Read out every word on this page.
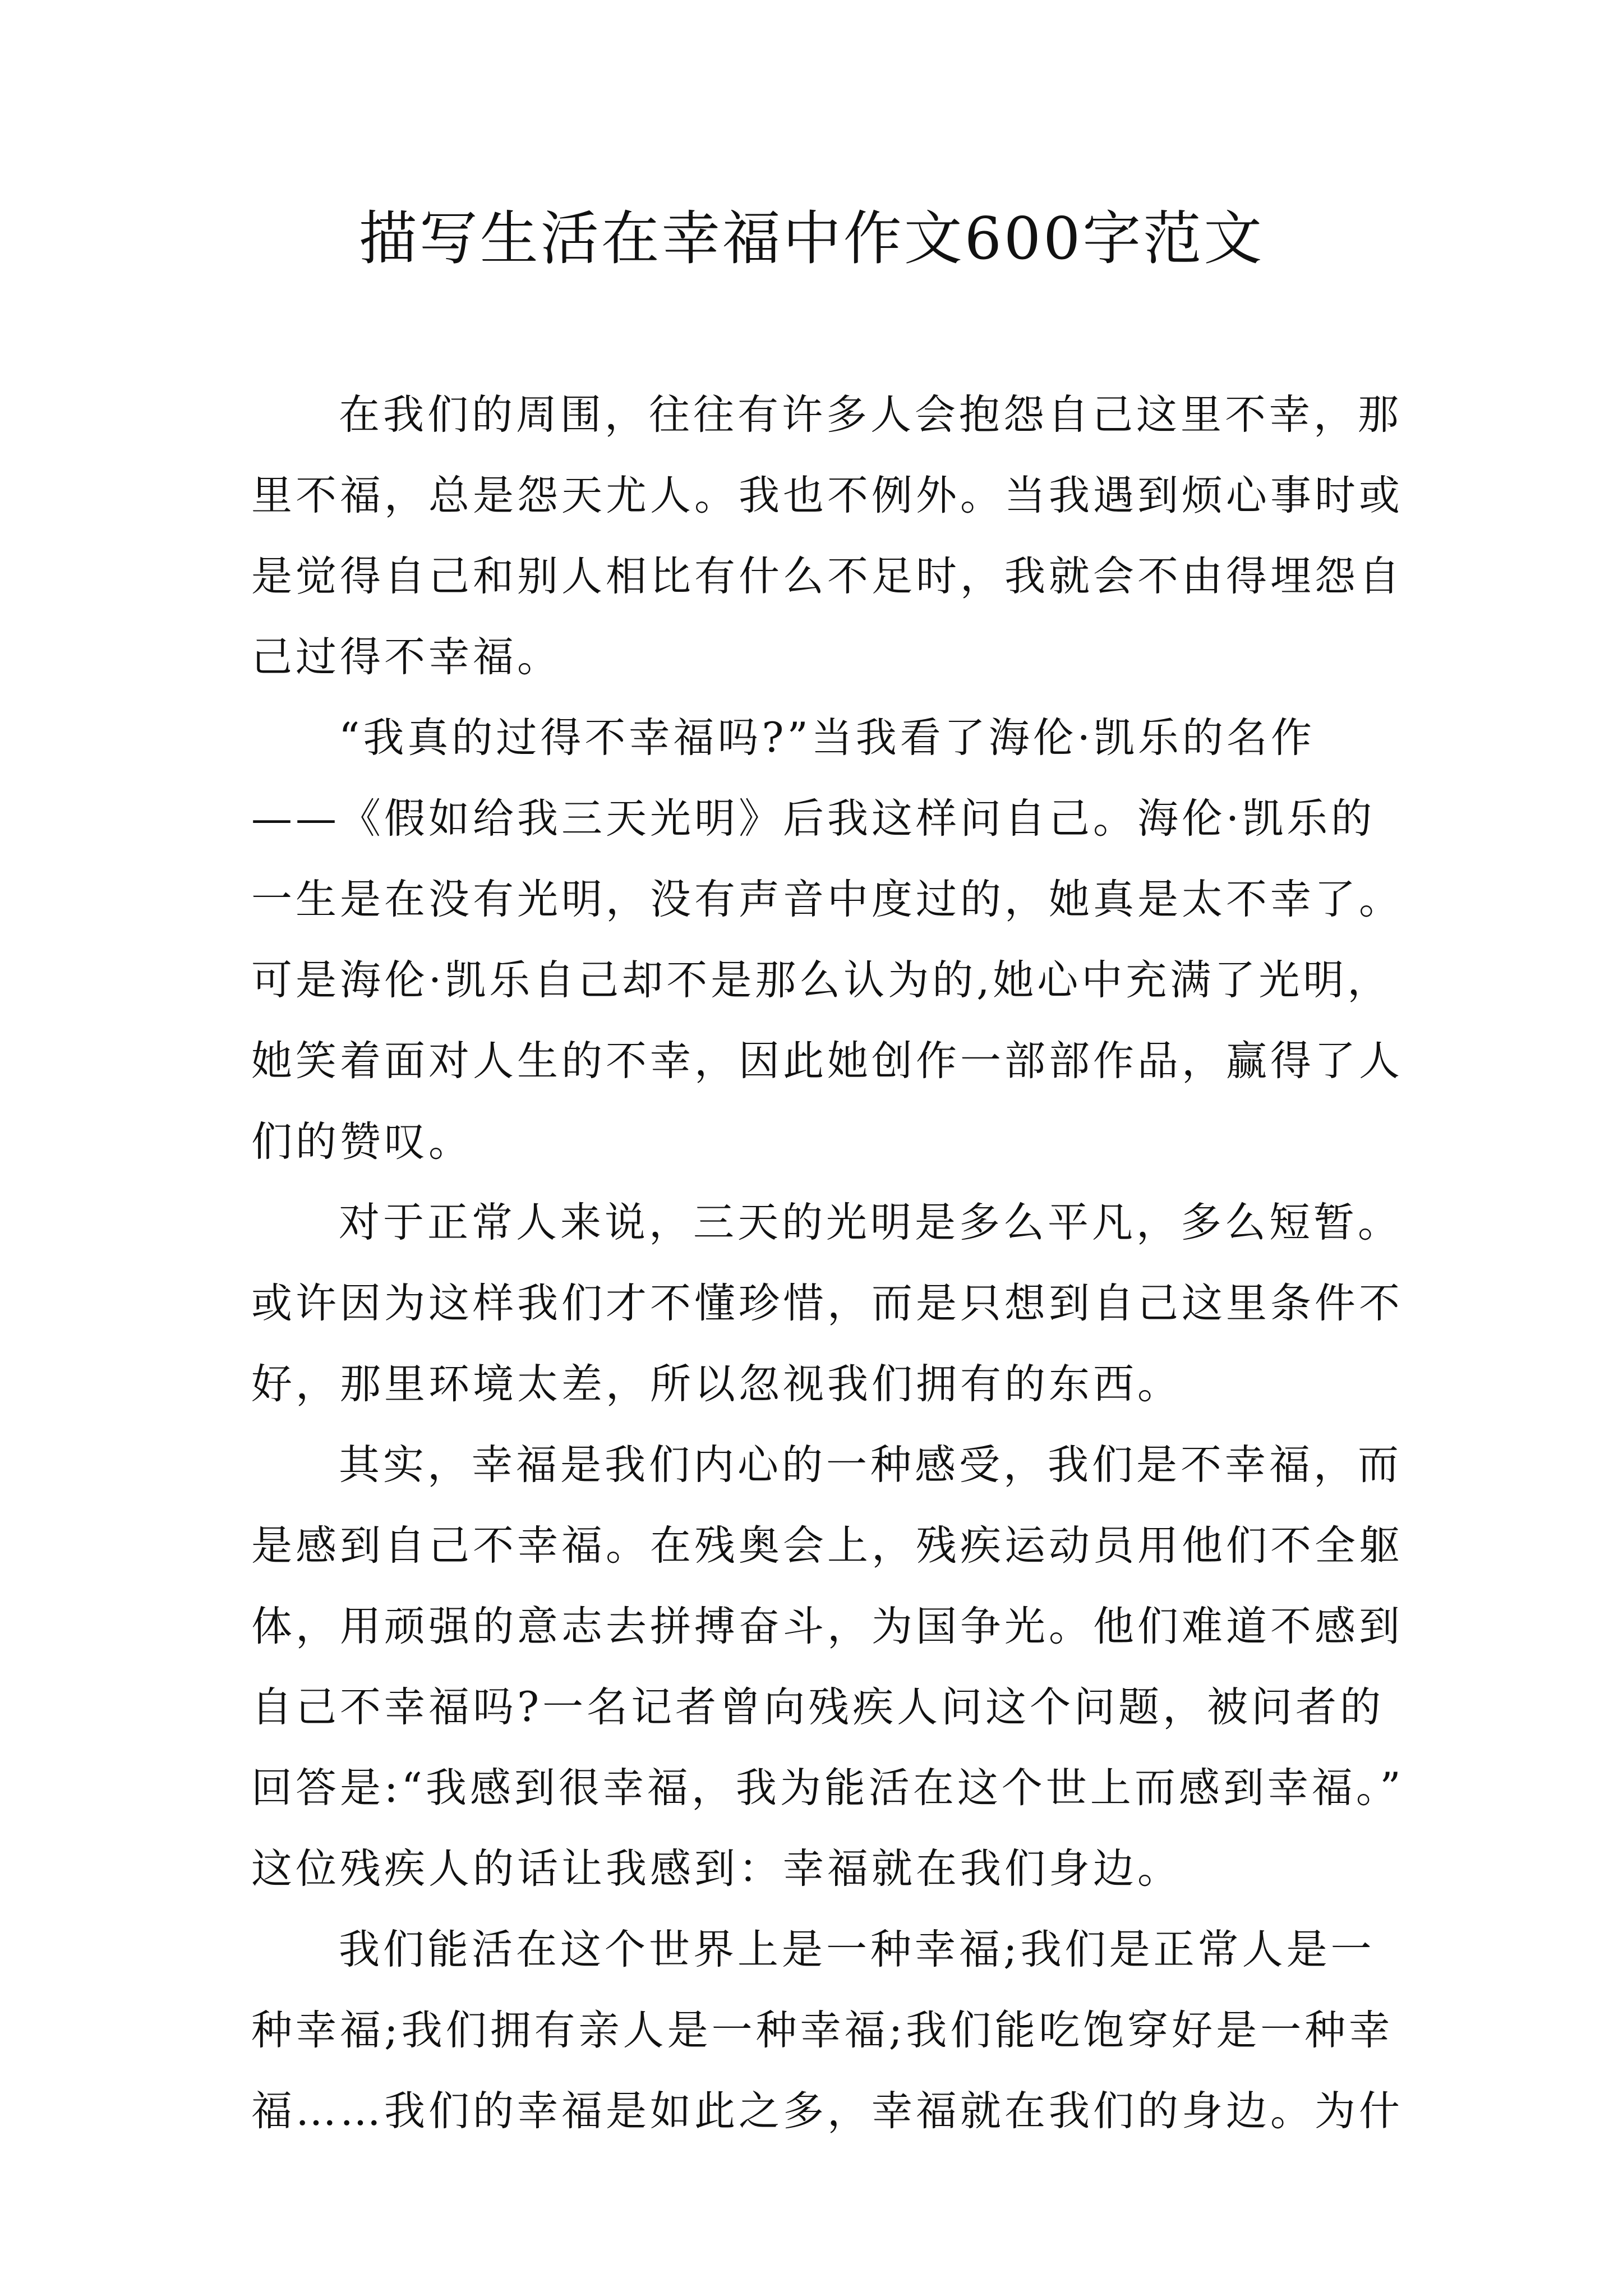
描写生活在幸福中作文600字范文
在我们的周围，往往有许多人会抱怨自己这里不幸，那
里不福，总是怨天尤人。我也不例外。当我遇到烦心事时或
是觉得自己和别人相比有什么不足时，我就会不由得埋怨自
己过得不幸福。
“我真的过得不幸福吗?”当我看了海伦·凯乐的名作
——《假如给我三天光明》后我这样问自己。海伦·凯乐的
一生是在没有光明，没有声音中度过的，她真是太不幸了。
可是海伦·凯乐自己却不是那么认为的,她心中充满了光明，
她笑着面对人生的不幸，因此她创作一部部作品，赢得了人
们的赞叹。
对于正常人来说，三天的光明是多么平凡，多么短暂。
或许因为这样我们才不懂珍惜，而是只想到自己这里条件不
好，那里环境太差，所以忽视我们拥有的东西。
其实，幸福是我们内心的一种感受，我们是不幸福，而
是感到自己不幸福。在残奥会上，残疾运动员用他们不全躯
体，用顽强的意志去拼搏奋斗，为国争光。他们难道不感到
自己不幸福吗?一名记者曾向残疾人问这个问题，被问者的
回答是:“我感到很幸福，我为能活在这个世上而感到幸福。”
这位残疾人的话让我感到：幸福就在我们身边。
我们能活在这个世界上是一种幸福;我们是正常人是一
种幸福;我们拥有亲人是一种幸福;我们能吃饱穿好是一种幸
福……我们的幸福是如此之多，幸福就在我们的身边。为什
